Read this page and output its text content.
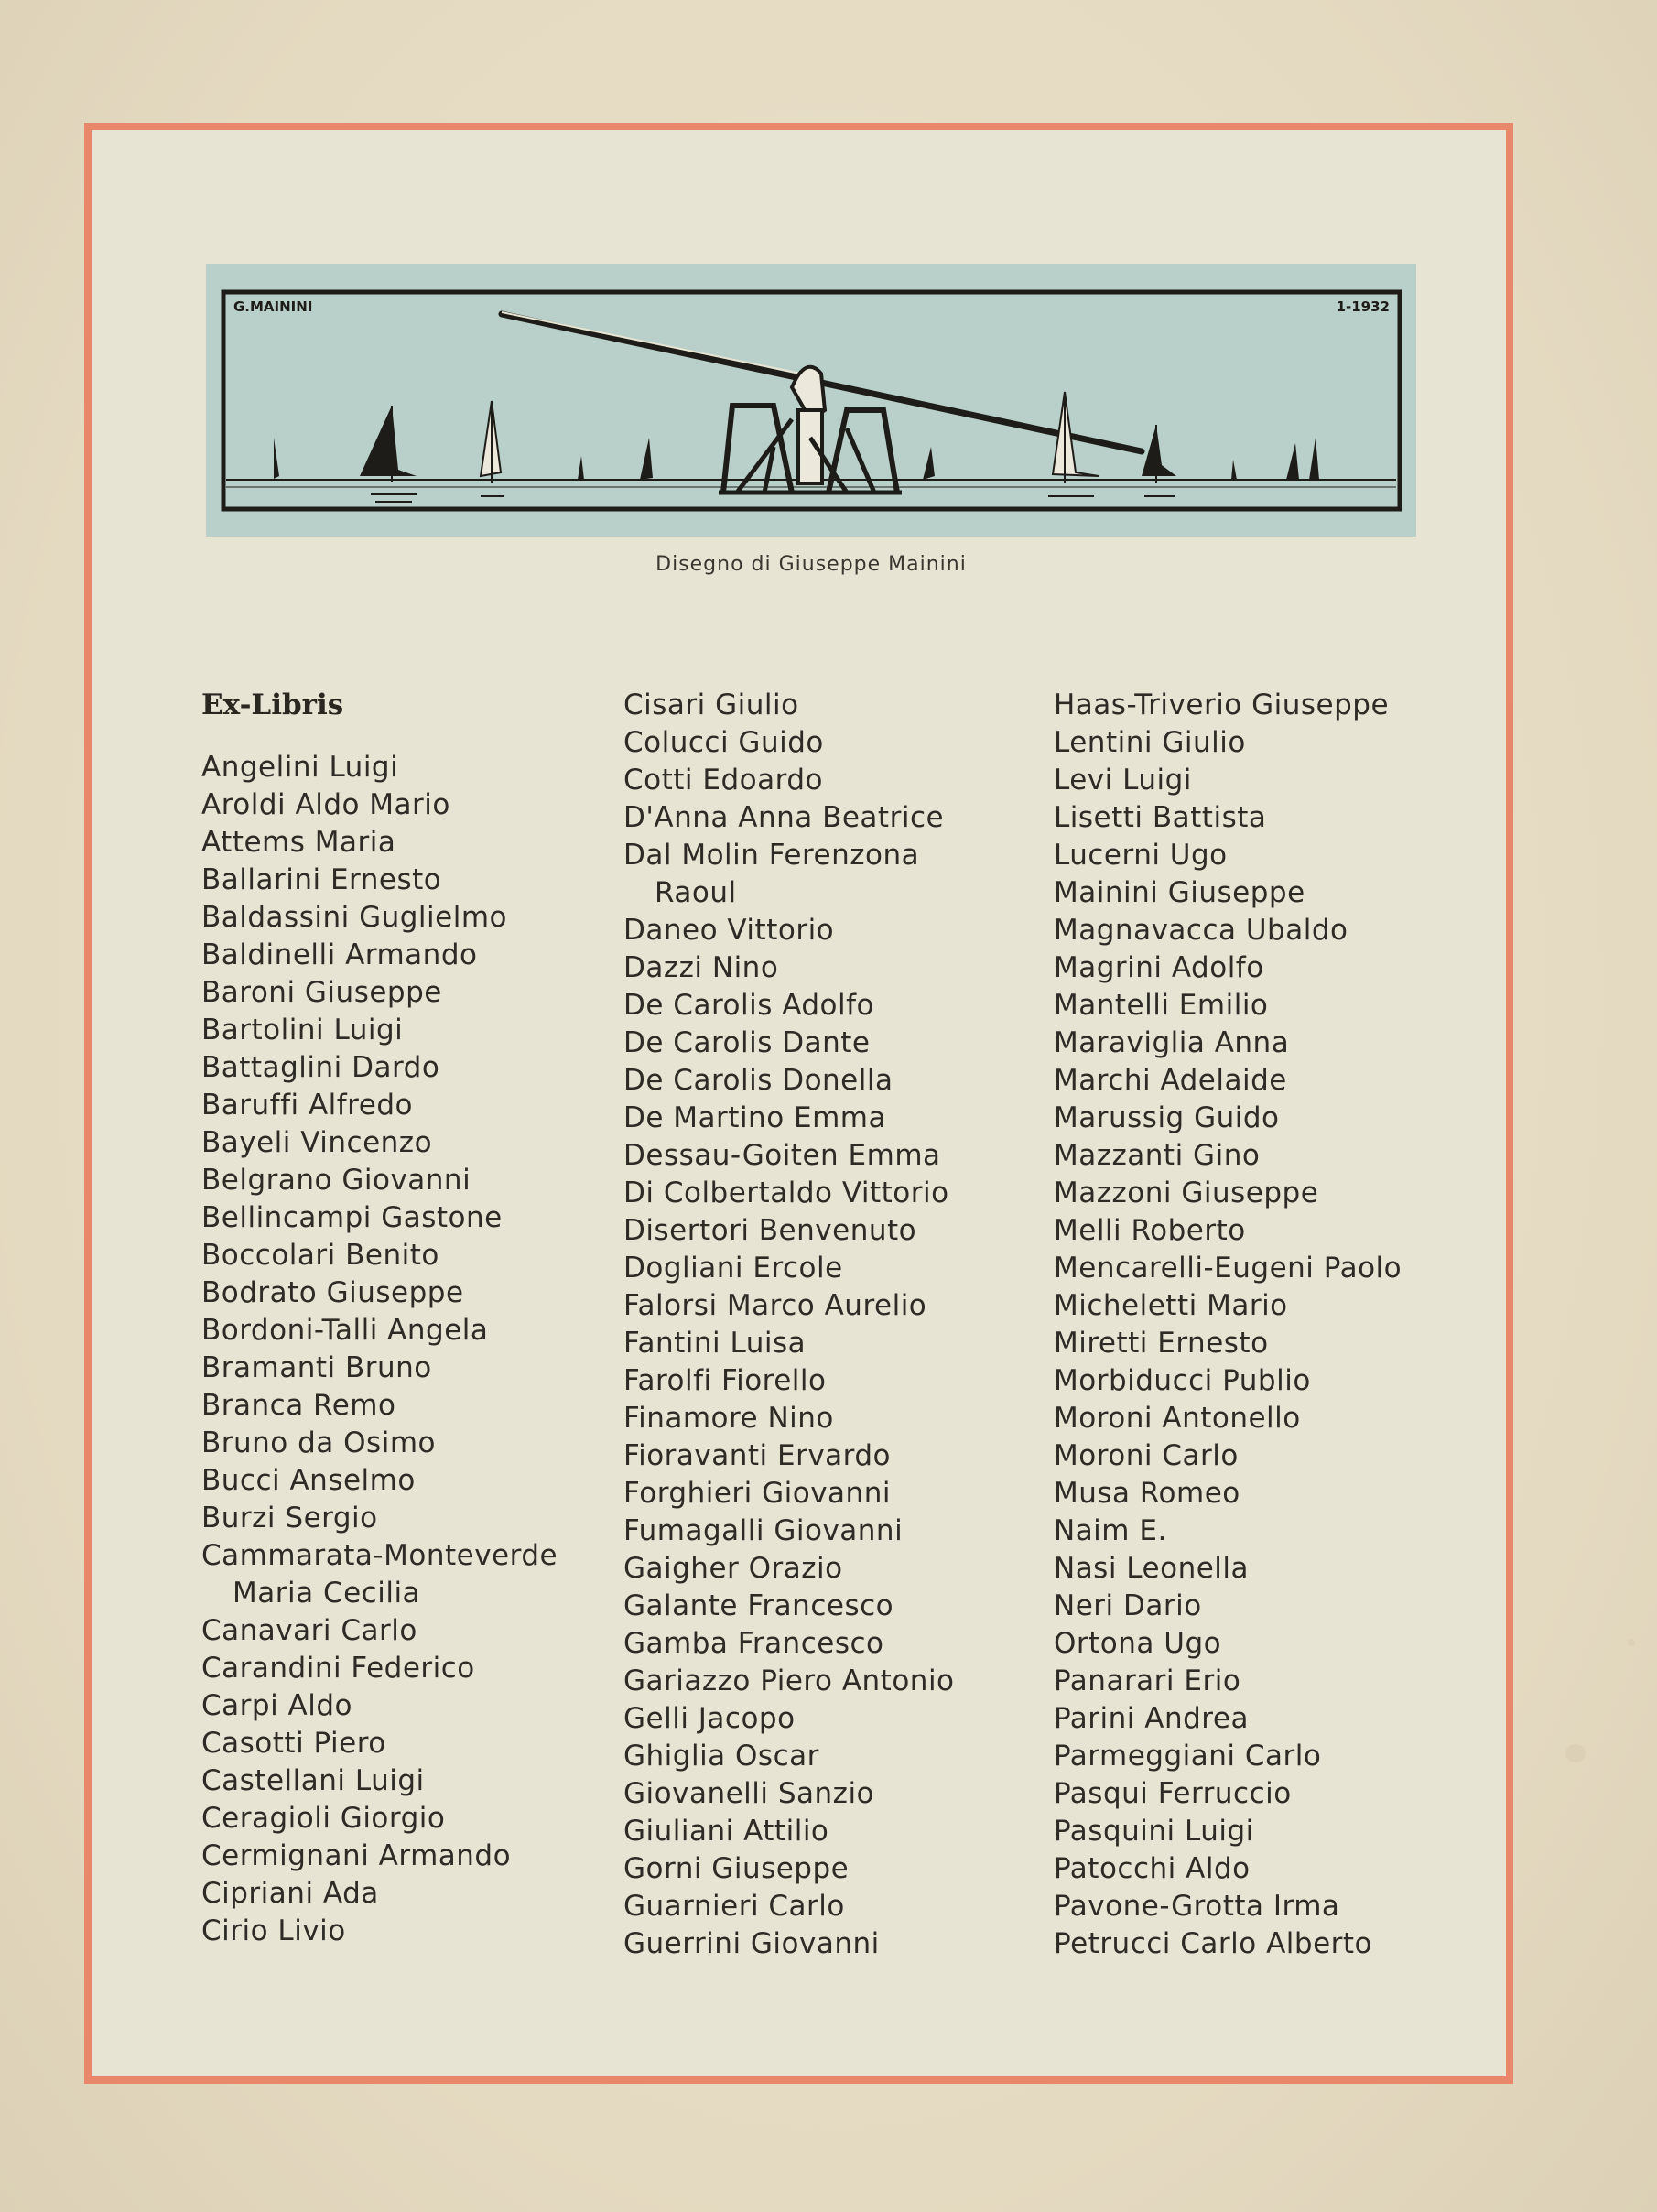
G.MAININI	1-1932
Disegno di Giuseppe Mainini
Ex-Libris
Angelini Luigi
Aroldi Aldo Mario
Attems Maria
Ballarini Ernesto
Baldassini Guglielmo
Baldinelli Armando
Baroni Giuseppe
Bartolini Luigi
Battaglini Dardo
Baruffi Alfredo
Bayeli Vincenzo
Belgrano Giovanni
Bellincampi Gastone
Boccolari Benito
Bodrato Giuseppe
Bordoni-Talli Angela
Bramanti Bruno
Branca Remo
Bruno da Osimo
Bucci Anselmo
Burzi Sergio
Cammarata-Monteverde
Maria Cecilia
Canavari Carlo
Carandini Federico
Carpi Aldo
Casotti Piero
Castellani Luigi
Ceragioli Giorgio
Cermignani Armando
Cipriani Ada
Cirio Livio
Cisari Giulio
Colucci Guido
Cotti Edoardo
D'Anna Anna Beatrice
Dal Molin Ferenzona
Raoul
Daneo Vittorio
Dazzi Nino
De Carolis Adolfo
De Carolis Dante
De Carolis Donella
De Martino Emma
Dessau-Goiten Emma
Di Colbertaldo Vittorio
Disertori Benvenuto
Dogliani Ercole
Falorsi Marco Aurelio
Fantini Luisa
Farolfi Fiorello
Finamore Nino
Fioravanti Ervardo
Forghieri Giovanni
Fumagalli Giovanni
Gaigher Orazio
Galante Francesco
Gamba Francesco
Gariazzo Piero Antonio
Gelli Jacopo
Ghiglia Oscar
Giovanelli Sanzio
Giuliani Attilio
Gorni Giuseppe
Guarnieri Carlo
Guerrini Giovanni
Haas-Triverio Giuseppe
Lentini Giulio
Levi Luigi
Lisetti Battista
Lucerni Ugo
Mainini Giuseppe
Magnavacca Ubaldo
Magrini Adolfo
Mantelli Emilio
Maraviglia Anna
Marchi Adelaide
Marussig Guido
Mazzanti Gino
Mazzoni Giuseppe
Melli Roberto
Mencarelli-Eugeni Paolo
Micheletti Mario
Miretti Ernesto
Morbiducci Publio
Moroni Antonello
Moroni Carlo
Musa Romeo
Naim E.
Nasi Leonella
Neri Dario
Ortona Ugo
Panarari Erio
Parini Andrea
Parmeggiani Carlo
Pasqui Ferruccio
Pasquini Luigi
Patocchi Aldo
Pavone-Grotta Irma
Petrucci Carlo Alberto
